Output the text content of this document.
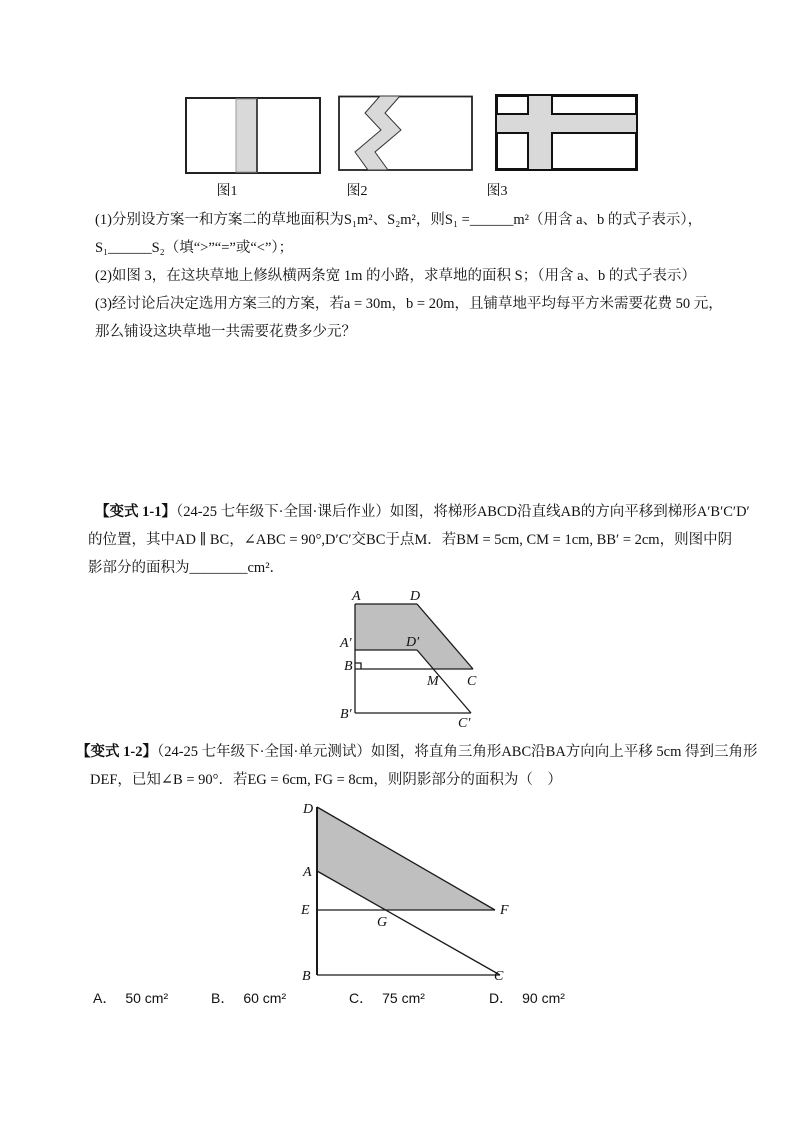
图1	图2	图3
(1)分别设方案一和方案二的草地面积为S₁m²、S₂m²，则S₁ =______m²（用含 a、b 的式子表示），
S₁______S₂（填“>”“=”或“<”）；
(2)如图 3，在这块草地上修纵横两条宽 1m 的小路，求草地的面积 S；（用含 a、b 的式子表示）
(3)经讨论后决定选用方案三的方案，若a = 30m，b = 20m，且铺草地平均每平方米需要花费 50 元，
那么铺设这块草地一共需要花费多少元？
【变式 1-1】（24-25 七年级下·全国·课后作业）如图，将梯形ABCD沿直线AB的方向平移到梯形A′B′C′D′
的位置，其中AD ∥ BC，∠ABC = 90°,D′C′交BC于点M．若BM = 5cm, CM = 1cm, BB′ = 2cm，则图中阴
影部分的面积为________cm²．
A	D
D′
A′
B
M C
B′
C′
【变式 1-2】（24-25 七年级下·全国·单元测试）如图，将直角三角形ABC沿BA方向向上平移 5cm 得到三角形
DEF，已知∠B = 90°．若EG = 6cm, FG = 8cm，则阴影部分的面积为（　）
D
A
E
B
G
F
C
A． 50 cm²	B． 60 cm²	C． 75 cm²	D． 90 cm²
